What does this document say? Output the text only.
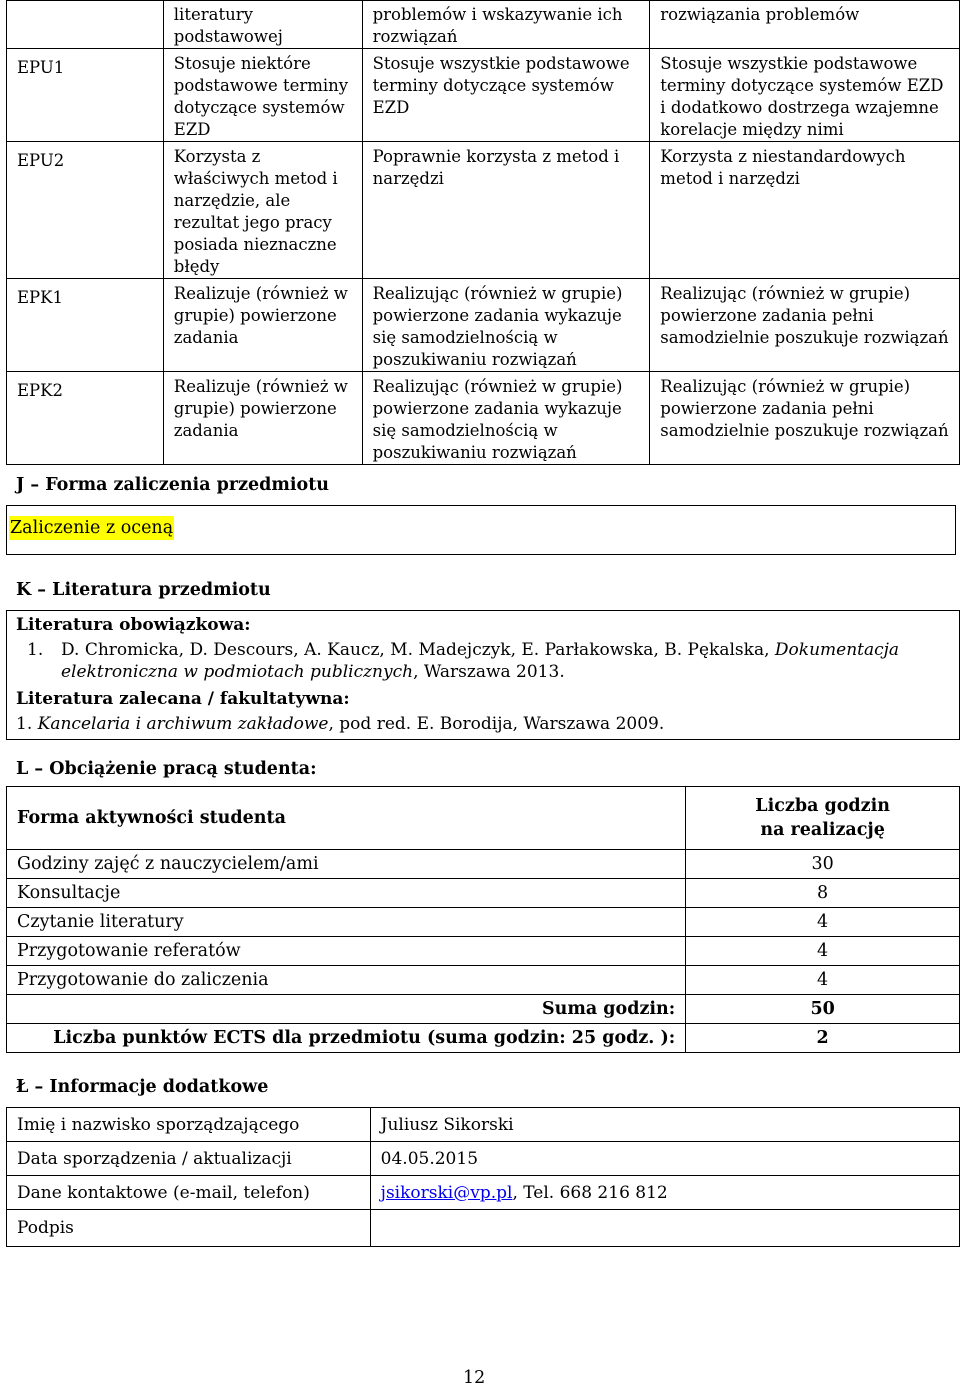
	literatury podstawowej	problemów i wskazywanie ich rozwiązań	rozwiązania problemów
EPU1	Stosuje niektóre podstawowe terminy dotyczące systemów EZD	Stosuje wszystkie podstawowe terminy dotyczące systemów EZD	Stosuje wszystkie podstawowe terminy dotyczące systemów EZD i dodatkowo dostrzega wzajemne korelacje między nimi
EPU2	Korzysta z właściwych metod i narzędzie, ale rezultat jego pracy posiada nieznaczne błędy	Poprawnie korzysta z metod i narzędzi	Korzysta z niestandardowych metod i narzędzi
EPK1	Realizuje (również w grupie) powierzone zadania	Realizując (również w grupie) powierzone zadania wykazuje się samodzielnością w poszukiwaniu rozwiązań	Realizując (również w grupie) powierzone zadania pełni samodzielnie poszukuje rozwiązań
EPK2	Realizuje (również w grupie) powierzone zadania	Realizując (również w grupie) powierzone zadania wykazuje się samodzielnością w poszukiwaniu rozwiązań	Realizując (również w grupie) powierzone zadania pełni samodzielnie poszukuje rozwiązań
J – Forma zaliczenia przedmiotu
Zaliczenie z oceną
K – Literatura przedmiotu
Literatura obowiązkowa:
1. D. Chromicka, D. Descours, A. Kaucz, M. Madejczyk, E. Parłakowska, B. Pękalska, Dokumentacja elektroniczna w podmiotach publicznych, Warszawa 2013.
Literatura zalecana / fakultatywna:
1. Kancelaria i archiwum zakładowe, pod red. E. Borodija, Warszawa 2009.
L – Obciążenie pracą studenta:
Forma aktywności studenta	Liczba godzin
na realizację

Godziny zajęć z nauczycielem/ami	30
Konsultacje	8
Czytanie literatury	4
Przygotowanie referatów	4
Przygotowanie do zaliczenia	4
Suma godzin:	50
Liczba punktów ECTS dla przedmiotu (suma godzin: 25 godz. ):	2
Ł – Informacje dodatkowe
Imię i nazwisko sporządzającego	Juliusz Sikorski
Data sporządzenia / aktualizacji	04.05.2015
Dane kontaktowe (e-mail, telefon)	jsikorski@vp.pl, Tel. 668 216 812
Podpis	
12
